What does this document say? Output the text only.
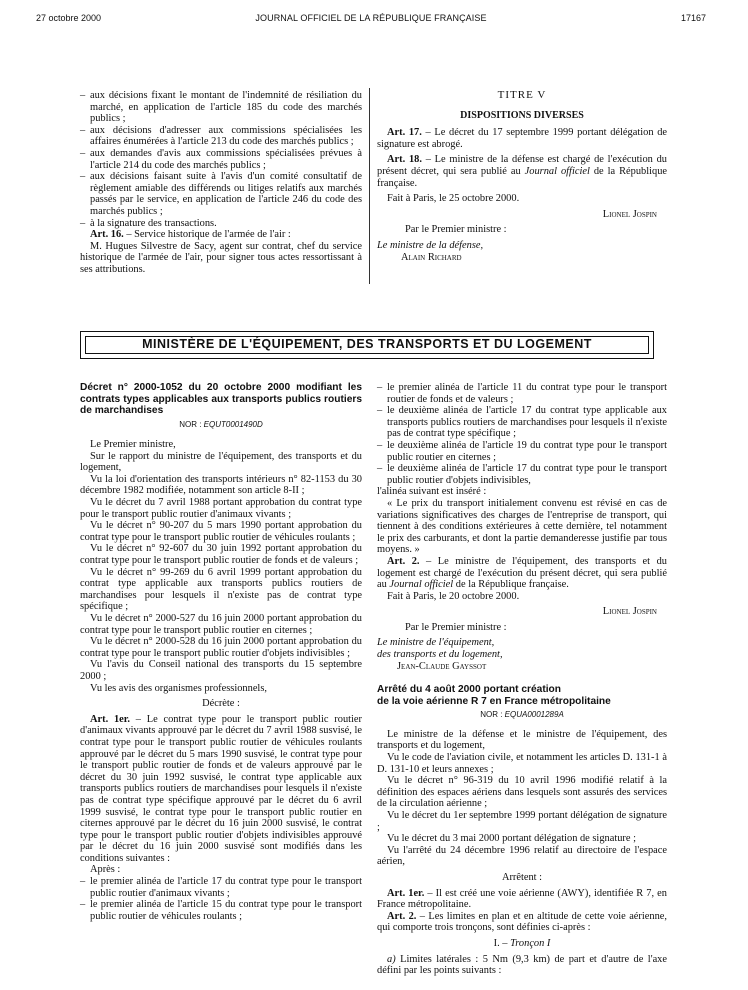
27 octobre 2000	JOURNAL OFFICIEL DE LA RÉPUBLIQUE FRANÇAISE	17167
– aux décisions fixant le montant de l'indemnité de résiliation du marché, en application de l'article 185 du code des marchés publics ;
– aux décisions d'adresser aux commissions spécialisées les affaires énumérées à l'article 213 du code des marchés publics ;
– aux demandes d'avis aux commissions spécialisées prévues à l'article 214 du code des marchés publics ;
– aux décisions faisant suite à l'avis d'un comité consultatif de règlement amiable des différends ou litiges relatifs aux marchés passés par le service, en application de l'article 246 du code des marchés publics ;
– à la signature des transactions.
Art. 16. – Service historique de l'armée de l'air :
M. Hugues Silvestre de Sacy, agent sur contrat, chef du service historique de l'armée de l'air, pour signer tous actes ressortissant à ses attributions.
TITRE V
DISPOSITIONS DIVERSES
Art. 17. – Le décret du 17 septembre 1999 portant délégation de signature est abrogé.
Art. 18. – Le ministre de la défense est chargé de l'exécution du présent décret, qui sera publié au Journal officiel de la République française.
Fait à Paris, le 25 octobre 2000.
Lionel Jospin
Par le Premier ministre :
Le ministre de la défense,
Alain Richard
MINISTÈRE DE L'ÉQUIPEMENT, DES TRANSPORTS ET DU LOGEMENT
Décret n° 2000-1052 du 20 octobre 2000 modifiant les contrats types applicables aux transports publics routiers de marchandises
NOR : EQUT0001490D
Le Premier ministre,
Sur le rapport du ministre de l'équipement, des transports et du logement,
Vu la loi d'orientation des transports intérieurs n° 82-1153 du 30 décembre 1982 modifiée, notamment son article 8-II ;
Vu le décret du 7 avril 1988 portant approbation du contrat type pour le transport public routier d'animaux vivants ;
Vu le décret n° 90-207 du 5 mars 1990 portant approbation du contrat type pour le transport public routier de véhicules roulants ;
Vu le décret n° 92-607 du 30 juin 1992 portant approbation du contrat type pour le transport public routier de fonds et de valeurs ;
Vu le décret n° 99-269 du 6 avril 1999 portant approbation du contrat type applicable aux transports publics routiers de marchandises pour lesquels il n'existe pas de contrat type spécifique ;
Vu le décret n° 2000-527 du 16 juin 2000 portant approbation du contrat type pour le transport public routier en citernes ;
Vu le décret n° 2000-528 du 16 juin 2000 portant approbation du contrat type pour le transport public routier d'objets indivisibles ;
Vu l'avis du Conseil national des transports du 15 septembre 2000 ;
Vu les avis des organismes professionnels,
Décrète :
Art. 1er. – Le contrat type pour le transport public routier d'animaux vivants approuvé par le décret du 7 avril 1988 susvisé, le contrat type pour le transport public routier de véhicules roulants approuvé par le décret du 5 mars 1990 susvisé, le contrat type pour le transport public routier de fonds et de valeurs approuvé par le décret du 30 juin 1992 susvisé, le contrat type applicable aux transports publics routiers de marchandises pour lesquels il n'existe pas de contrat type spécifique approuvé par le décret du 6 avril 1999 susvisé, le contrat type pour le transport public routier en citernes approuvé par le décret du 16 juin 2000 susvisé, le contrat type pour le transport public routier d'objets indivisibles approuvé par le décret du 16 juin 2000 susvisé sont modifiés dans les conditions suivantes :
Après :
– le premier alinéa de l'article 17 du contrat type pour le transport public routier d'animaux vivants ;
– le premier alinéa de l'article 15 du contrat type pour le transport public routier de véhicules roulants ;
– le premier alinéa de l'article 11 du contrat type pour le transport routier de fonds et de valeurs ;
– le deuxième alinéa de l'article 17 du contrat type applicable aux transports publics routiers de marchandises pour lesquels il n'existe pas de contrat type spécifique ;
– le deuxième alinéa de l'article 19 du contrat type pour le transport public routier en citernes ;
– le deuxième alinéa de l'article 17 du contrat type pour le transport public routier d'objets indivisibles,
l'alinéa suivant est inséré :
« Le prix du transport initialement convenu est révisé en cas de variations significatives des charges de l'entreprise de transport, qui tiennent à des conditions extérieures à cette dernière, tel notamment le prix des carburants, et dont la partie demanderesse justifie par tous moyens. »
Art. 2. – Le ministre de l'équipement, des transports et du logement est chargé de l'exécution du présent décret, qui sera publié au Journal officiel de la République française.
Fait à Paris, le 20 octobre 2000.
Lionel Jospin
Par le Premier ministre :
Le ministre de l'équipement,
des transports et du logement,
Jean-Claude Gayssot
Arrêté du 4 août 2000 portant création
de la voie aérienne R 7 en France métropolitaine
NOR : EQUA0001289A
Le ministre de la défense et le ministre de l'équipement, des transports et du logement,
Vu le code de l'aviation civile, et notamment les articles D. 131-1 à D. 131-10 et leurs annexes ;
Vu le décret n° 96-319 du 10 avril 1996 modifié relatif à la définition des espaces aériens dans lesquels sont assurés des services de la circulation aérienne ;
Vu le décret du 1er septembre 1999 portant délégation de signature ;
Vu le décret du 3 mai 2000 portant délégation de signature ;
Vu l'arrêté du 24 décembre 1996 relatif au directoire de l'espace aérien,
Arrêtent :
Art. 1er. – Il est créé une voie aérienne (AWY), identifiée R 7, en France métropolitaine.
Art. 2. – Les limites en plan et en altitude de cette voie aérienne, qui comporte trois tronçons, sont définies ci-après :
I. – Tronçon I
a) Limites latérales : 5 Nm (9,3 km) de part et d'autre de l'axe défini par les points suivants :
